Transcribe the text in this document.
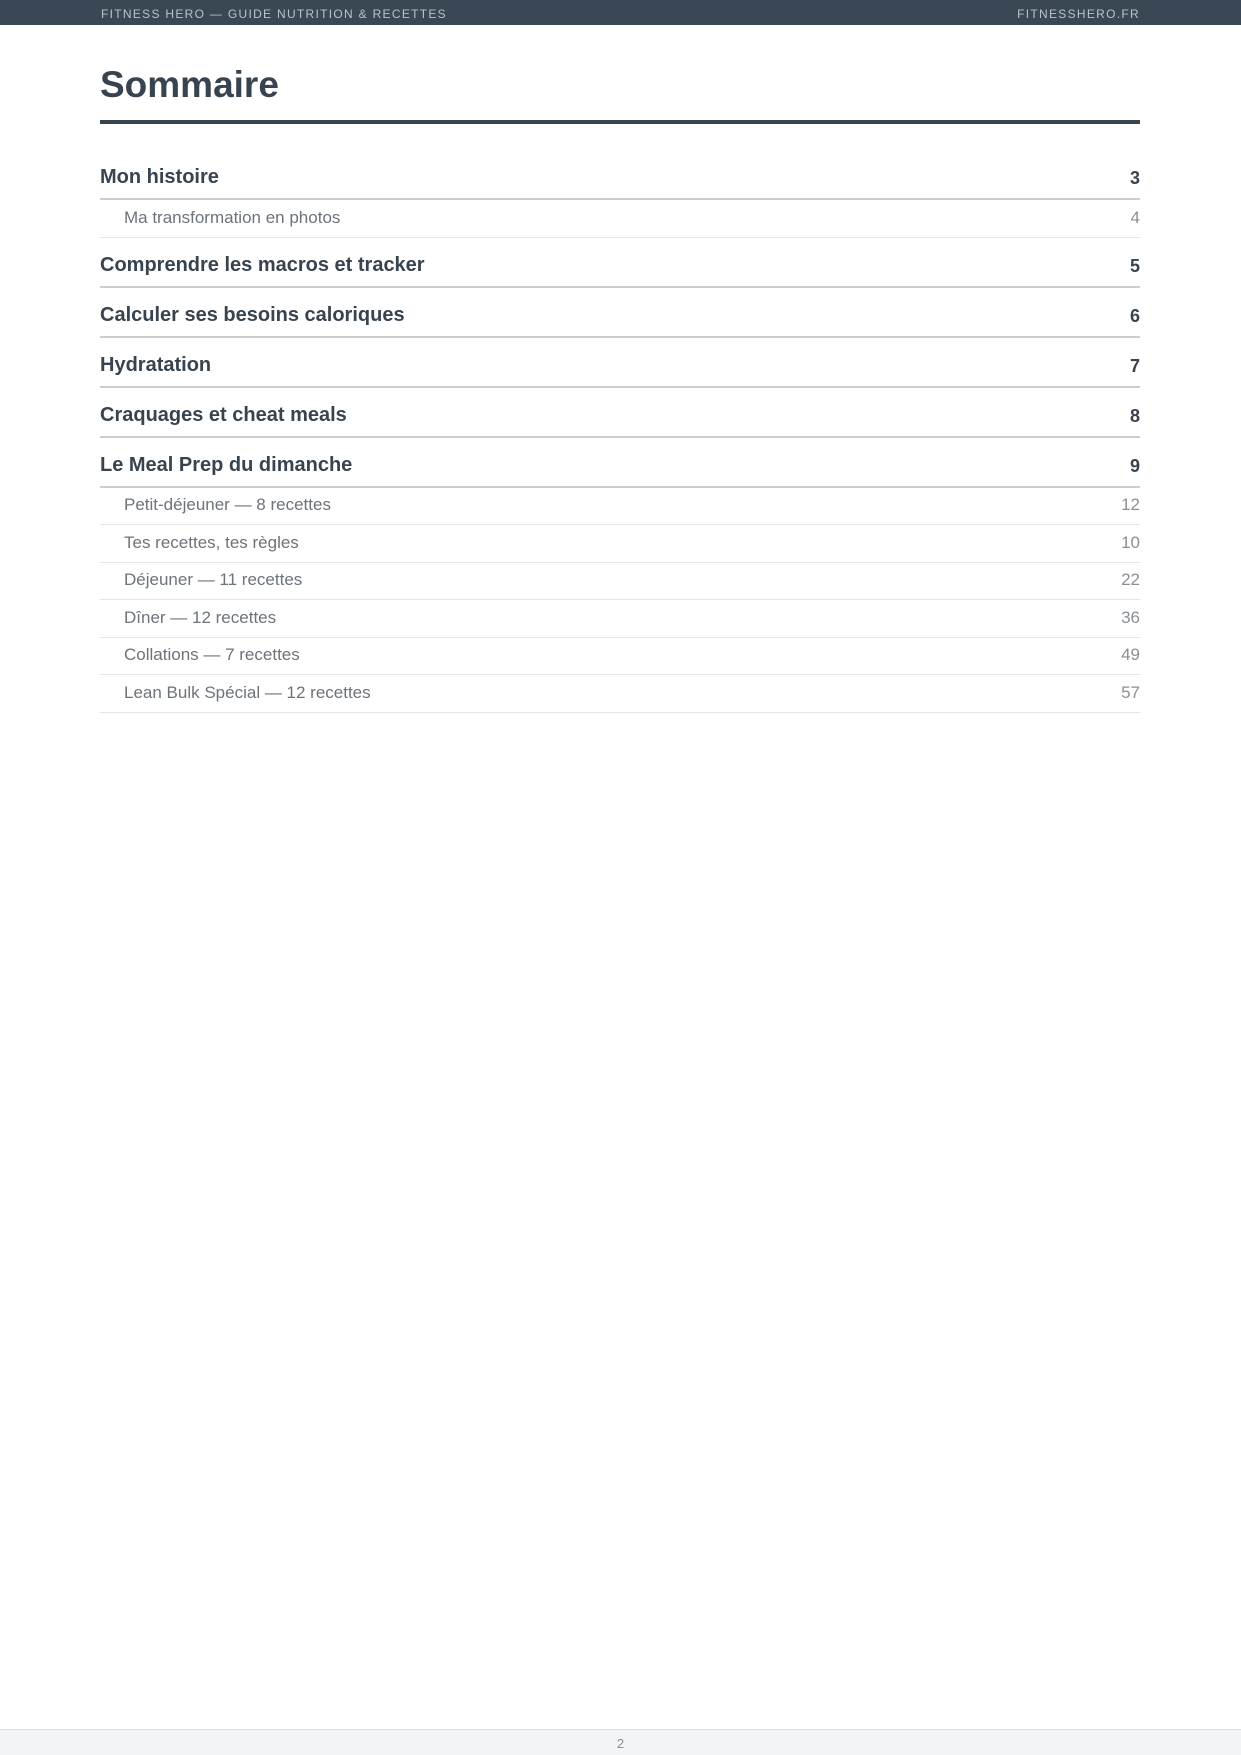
FITNESS HERO — GUIDE NUTRITION & RECETTES	FITNESSHERO.FR
Sommaire
Mon histoire	3
Ma transformation en photos	4
Comprendre les macros et tracker	5
Calculer ses besoins caloriques	6
Hydratation	7
Craquages et cheat meals	8
Le Meal Prep du dimanche	9
Petit-déjeuner — 8 recettes	12
Tes recettes, tes règles	10
Déjeuner — 11 recettes	22
Dîner — 12 recettes	36
Collations — 7 recettes	49
Lean Bulk Spécial — 12 recettes	57
2
